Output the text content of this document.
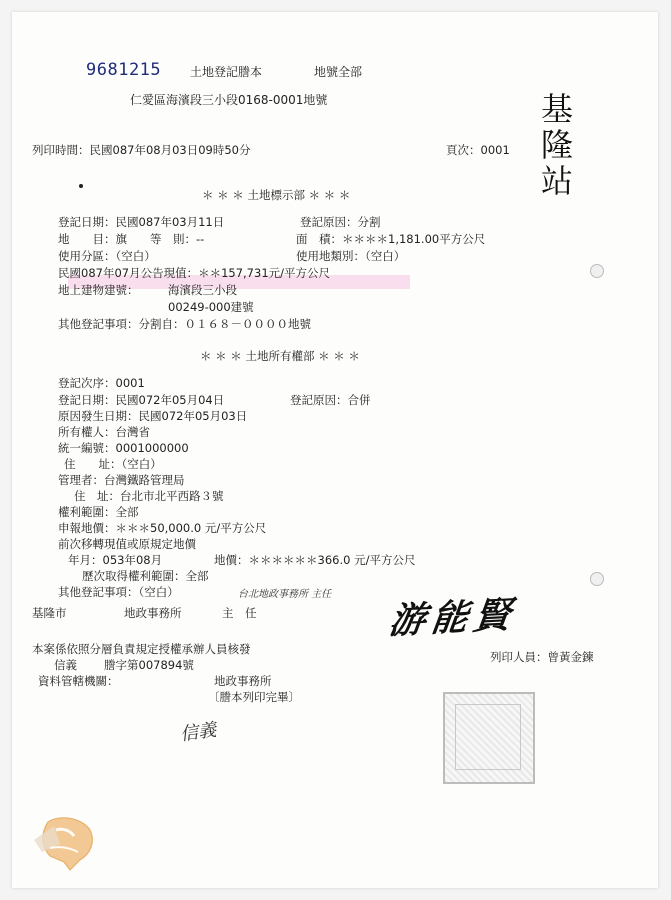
9681215 土地登記謄本	地號全部
仁愛區海濱段三小段0168-0001地號
列印時間：民國087年08月03日09時50分	頁次：0001
基
隆
站
＊ ＊ ＊ 土地標示部 ＊ ＊ ＊
登記日期：民國087年03月11日	登記原因：分割
地　　目：旗　　等　則：--	面　積：＊＊＊＊1,181.00平方公尺
使用分區：（空白）	使用地類別：（空白）
民國087年07月公告現值：＊＊157,731元/平方公尺
地上建物建號：	海濱段三小段
00249-000建號
其他登記事項：分割自：０１６８－００００地號
＊ ＊ ＊ 土地所有權部 ＊ ＊ ＊
登記次序：0001
登記日期：民國072年05月04日	登記原因：合併
原因發生日期：民國072年05月03日
所有權人：台灣省
統一編號：0001000000
住　　址：（空白）
管理者：台灣鐵路管理局
住　址：台北市北平西路３號
權利範圍：全部
申報地價：＊＊＊50,000.0 元/平方公尺
前次移轉現值或原規定地價
年月：053年08月	地價：＊＊＊＊＊＊366.0 元/平方公尺
歷次取得權利範圍：全部
其他登記事項：（空白）	台北地政事務所 主任 游能賢
基隆市	地政事務所	主　任
本案係依照分層負責規定授權承辦人員核發
列印人員：曾黃金鍊
信義 謄字第007894號
資料管轄機關：	地政事務所
〔謄本列印完畢〕
信義
